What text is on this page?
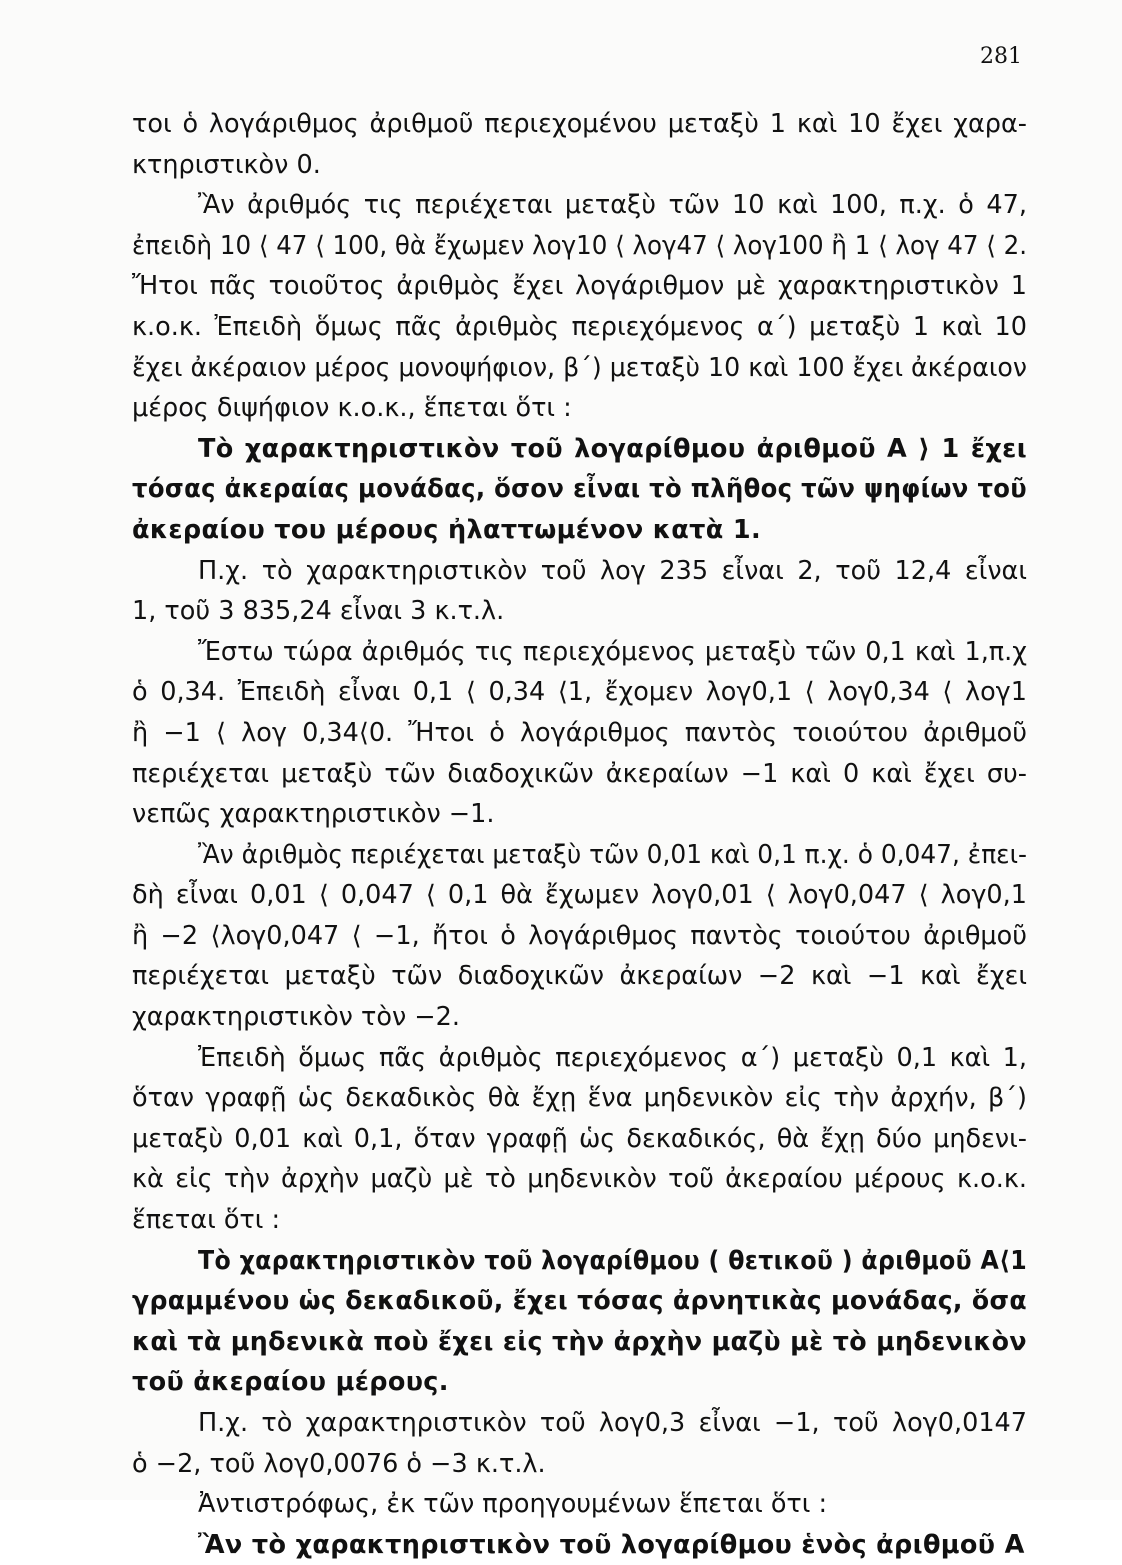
281
τοι ὁ λογάριθμος ἀριθμοῦ περιεχομένου μεταξὺ 1 καὶ 10 ἔχει χαρα-
κτηριστικὸν 0.
Ἂν ἀριθμός τις περιέχεται μεταξὺ τῶν 10 καὶ 100, π.χ. ὁ 47,
ἐπειδὴ 10 ⟨ 47 ⟨ 100, θὰ ἔχωμεν λογ10 ⟨ λογ47 ⟨ λογ100 ἢ 1 ⟨ λογ 47 ⟨ 2.
Ἤτοι πᾶς τοιοῦτος ἀριθμὸς ἔχει λογάριθμον μὲ χαρακτηριστικὸν 1
κ.ο.κ. Ἐπειδὴ ὅμως πᾶς ἀριθμὸς περιεχόμενος α΄) μεταξὺ 1 καὶ 10
ἔχει ἀκέραιον μέρος μονοψήφιον, β΄) μεταξὺ 10 καὶ 100 ἔχει ἀκέραιον
μέρος διψήφιον κ.ο.κ., ἕπεται ὅτι :
Τὸ χαρακτηριστικὸν τοῦ λογαρίθμου ἀριθμοῦ Α ⟩ 1 ἔχει
τόσας ἀκεραίας μονάδας, ὅσον εἶναι τὸ πλῆθος τῶν ψηφίων τοῦ
ἀκεραίου του μέρους ἠλαττωμένον κατὰ 1.
Π.χ. τὸ χαρακτηριστικὸν τοῦ λογ 235 εἶναι 2, τοῦ 12,4 εἶναι
1, τοῦ 3 835,24 εἶναι 3 κ.τ.λ.
Ἔστω τώρα ἀριθμός τις περιεχόμενος μεταξὺ τῶν 0,1 καὶ 1,π.χ
ὁ 0,34. Ἐπειδὴ εἶναι 0,1 ⟨ 0,34 ⟨1, ἔχομεν λογ0,1 ⟨ λογ0,34 ⟨ λογ1
ἢ −1 ⟨ λογ 0,34⟨0. Ἤτοι ὁ λογάριθμος παντὸς τοιούτου ἀριθμοῦ
περιέχεται μεταξὺ τῶν διαδοχικῶν ἀκεραίων −1 καὶ 0 καὶ ἔχει συ-
νεπῶς χαρακτηριστικὸν −1.
Ἂν ἀριθμὸς περιέχεται μεταξὺ τῶν 0,01 καὶ 0,1 π.χ. ὁ 0,047, ἐπει-
δὴ εἶναι 0,01 ⟨ 0,047 ⟨ 0,1 θὰ ἔχωμεν λογ0,01 ⟨ λογ0,047 ⟨ λογ0,1
ἢ −2 ⟨λογ0,047 ⟨ −1, ἤτοι ὁ λογάριθμος παντὸς τοιούτου ἀριθμοῦ
περιέχεται μεταξὺ τῶν διαδοχικῶν ἀκεραίων −2 καὶ −1 καὶ ἔχει
χαρακτηριστικὸν τὸν −2.
Ἐπειδὴ ὅμως πᾶς ἀριθμὸς περιεχόμενος α΄) μεταξὺ 0,1 καὶ 1,
ὅταν γραφῇ ὡς δεκαδικὸς θὰ ἔχῃ ἕνα μηδενικὸν εἰς τὴν ἀρχήν, β΄)
μεταξὺ 0,01 καὶ 0,1, ὅταν γραφῇ ὡς δεκαδικός, θὰ ἔχῃ δύο μηδενι-
κὰ εἰς τὴν ἀρχὴν μαζὺ μὲ τὸ μηδενικὸν τοῦ ἀκεραίου μέρους κ.ο.κ.
ἕπεται ὅτι :
Τὸ χαρακτηριστικὸν τοῦ λογαρίθμου ( θετικοῦ ) ἀριθμοῦ Α⟨1
γραμμένου ὡς δεκαδικοῦ, ἔχει τόσας ἀρνητικὰς μονάδας, ὅσα
καὶ τὰ μηδενικὰ ποὺ ἔχει εἰς τὴν ἀρχὴν μαζὺ μὲ τὸ μηδενικὸν
τοῦ ἀκεραίου μέρους.
Π.χ. τὸ χαρακτηριστικὸν τοῦ λογ0,3 εἶναι −1, τοῦ λογ0,0147
ὁ −2, τοῦ λογ0,0076 ὁ −3 κ.τ.λ.
Ἀντιστρόφως, ἐκ τῶν προηγουμένων ἕπεται ὅτι :
Ἂν τὸ χαρακτηριστικὸν τοῦ λογαρίθμου ἑνὸς ἀριθμοῦ Α
